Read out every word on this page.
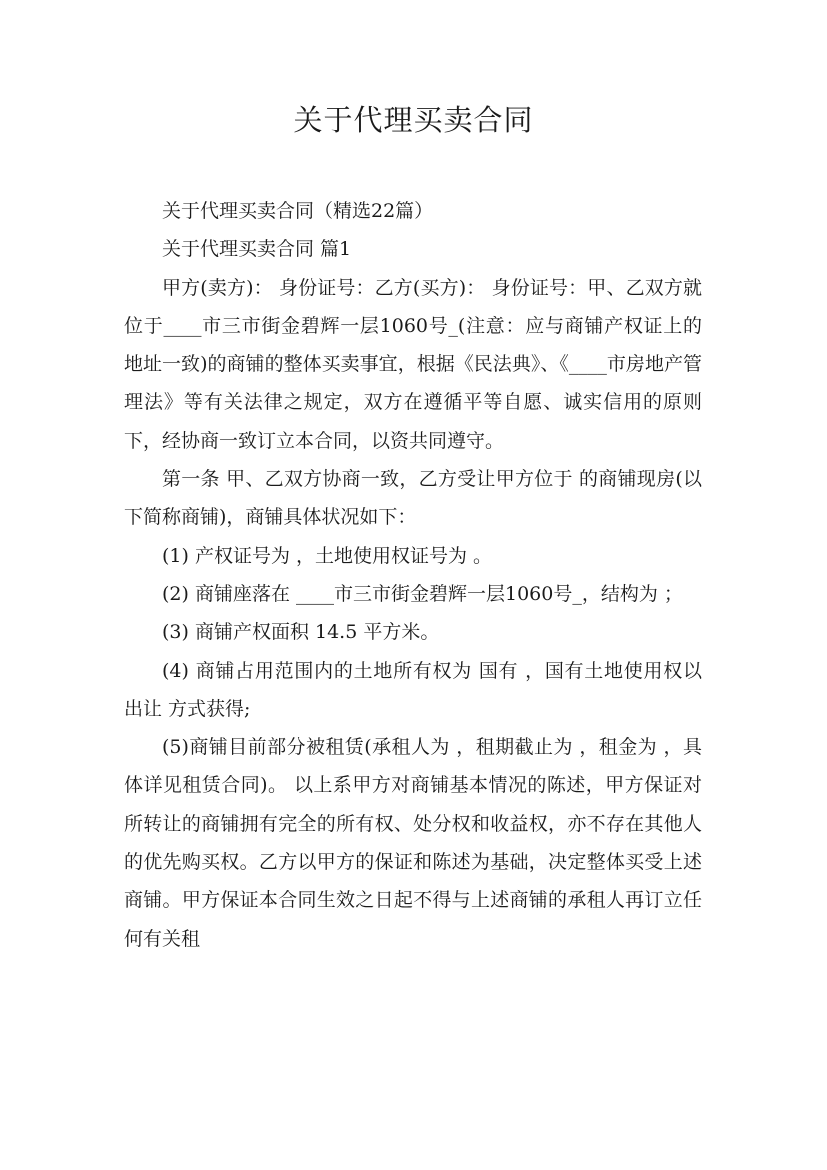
关于代理买卖合同

关于代理买卖合同（精选22篇）

关于代理买卖合同 篇1

甲方(卖方)： 身份证号：乙方(买方)： 身份证号：甲、乙双方就位于____市三市街金碧辉一层1060号_(注意：应与商铺产权证上的地址一致)的商铺的整体买卖事宜，根据《民法典》、《____市房地产管理法》等有关法律之规定，双方在遵循平等自愿、诚实信用的原则下，经协商一致订立本合同，以资共同遵守。

第一条 甲、乙双方协商一致，乙方受让甲方位于 的商铺现房(以下简称商铺)，商铺具体状况如下：

(1) 产权证号为 ，土地使用权证号为 。

(2) 商铺座落在 ____市三市街金碧辉一层1060号_，结构为 ；

(3) 商铺产权面积 14.5 平方米。

(4) 商铺占用范围内的土地所有权为 国有 ，国有土地使用权以 出让 方式获得;

(5)商铺目前部分被租赁(承租人为 ，租期截止为 ，租金为 ，具体详见租赁合同)。 以上系甲方对商铺基本情况的陈述，甲方保证对所转让的商铺拥有完全的所有权、处分权和收益权，亦不存在其他人的优先购买权。乙方以甲方的保证和陈述为基础，决定整体买受上述商铺。甲方保证本合同生效之日起不得与上述商铺的承租人再订立任何有关租
